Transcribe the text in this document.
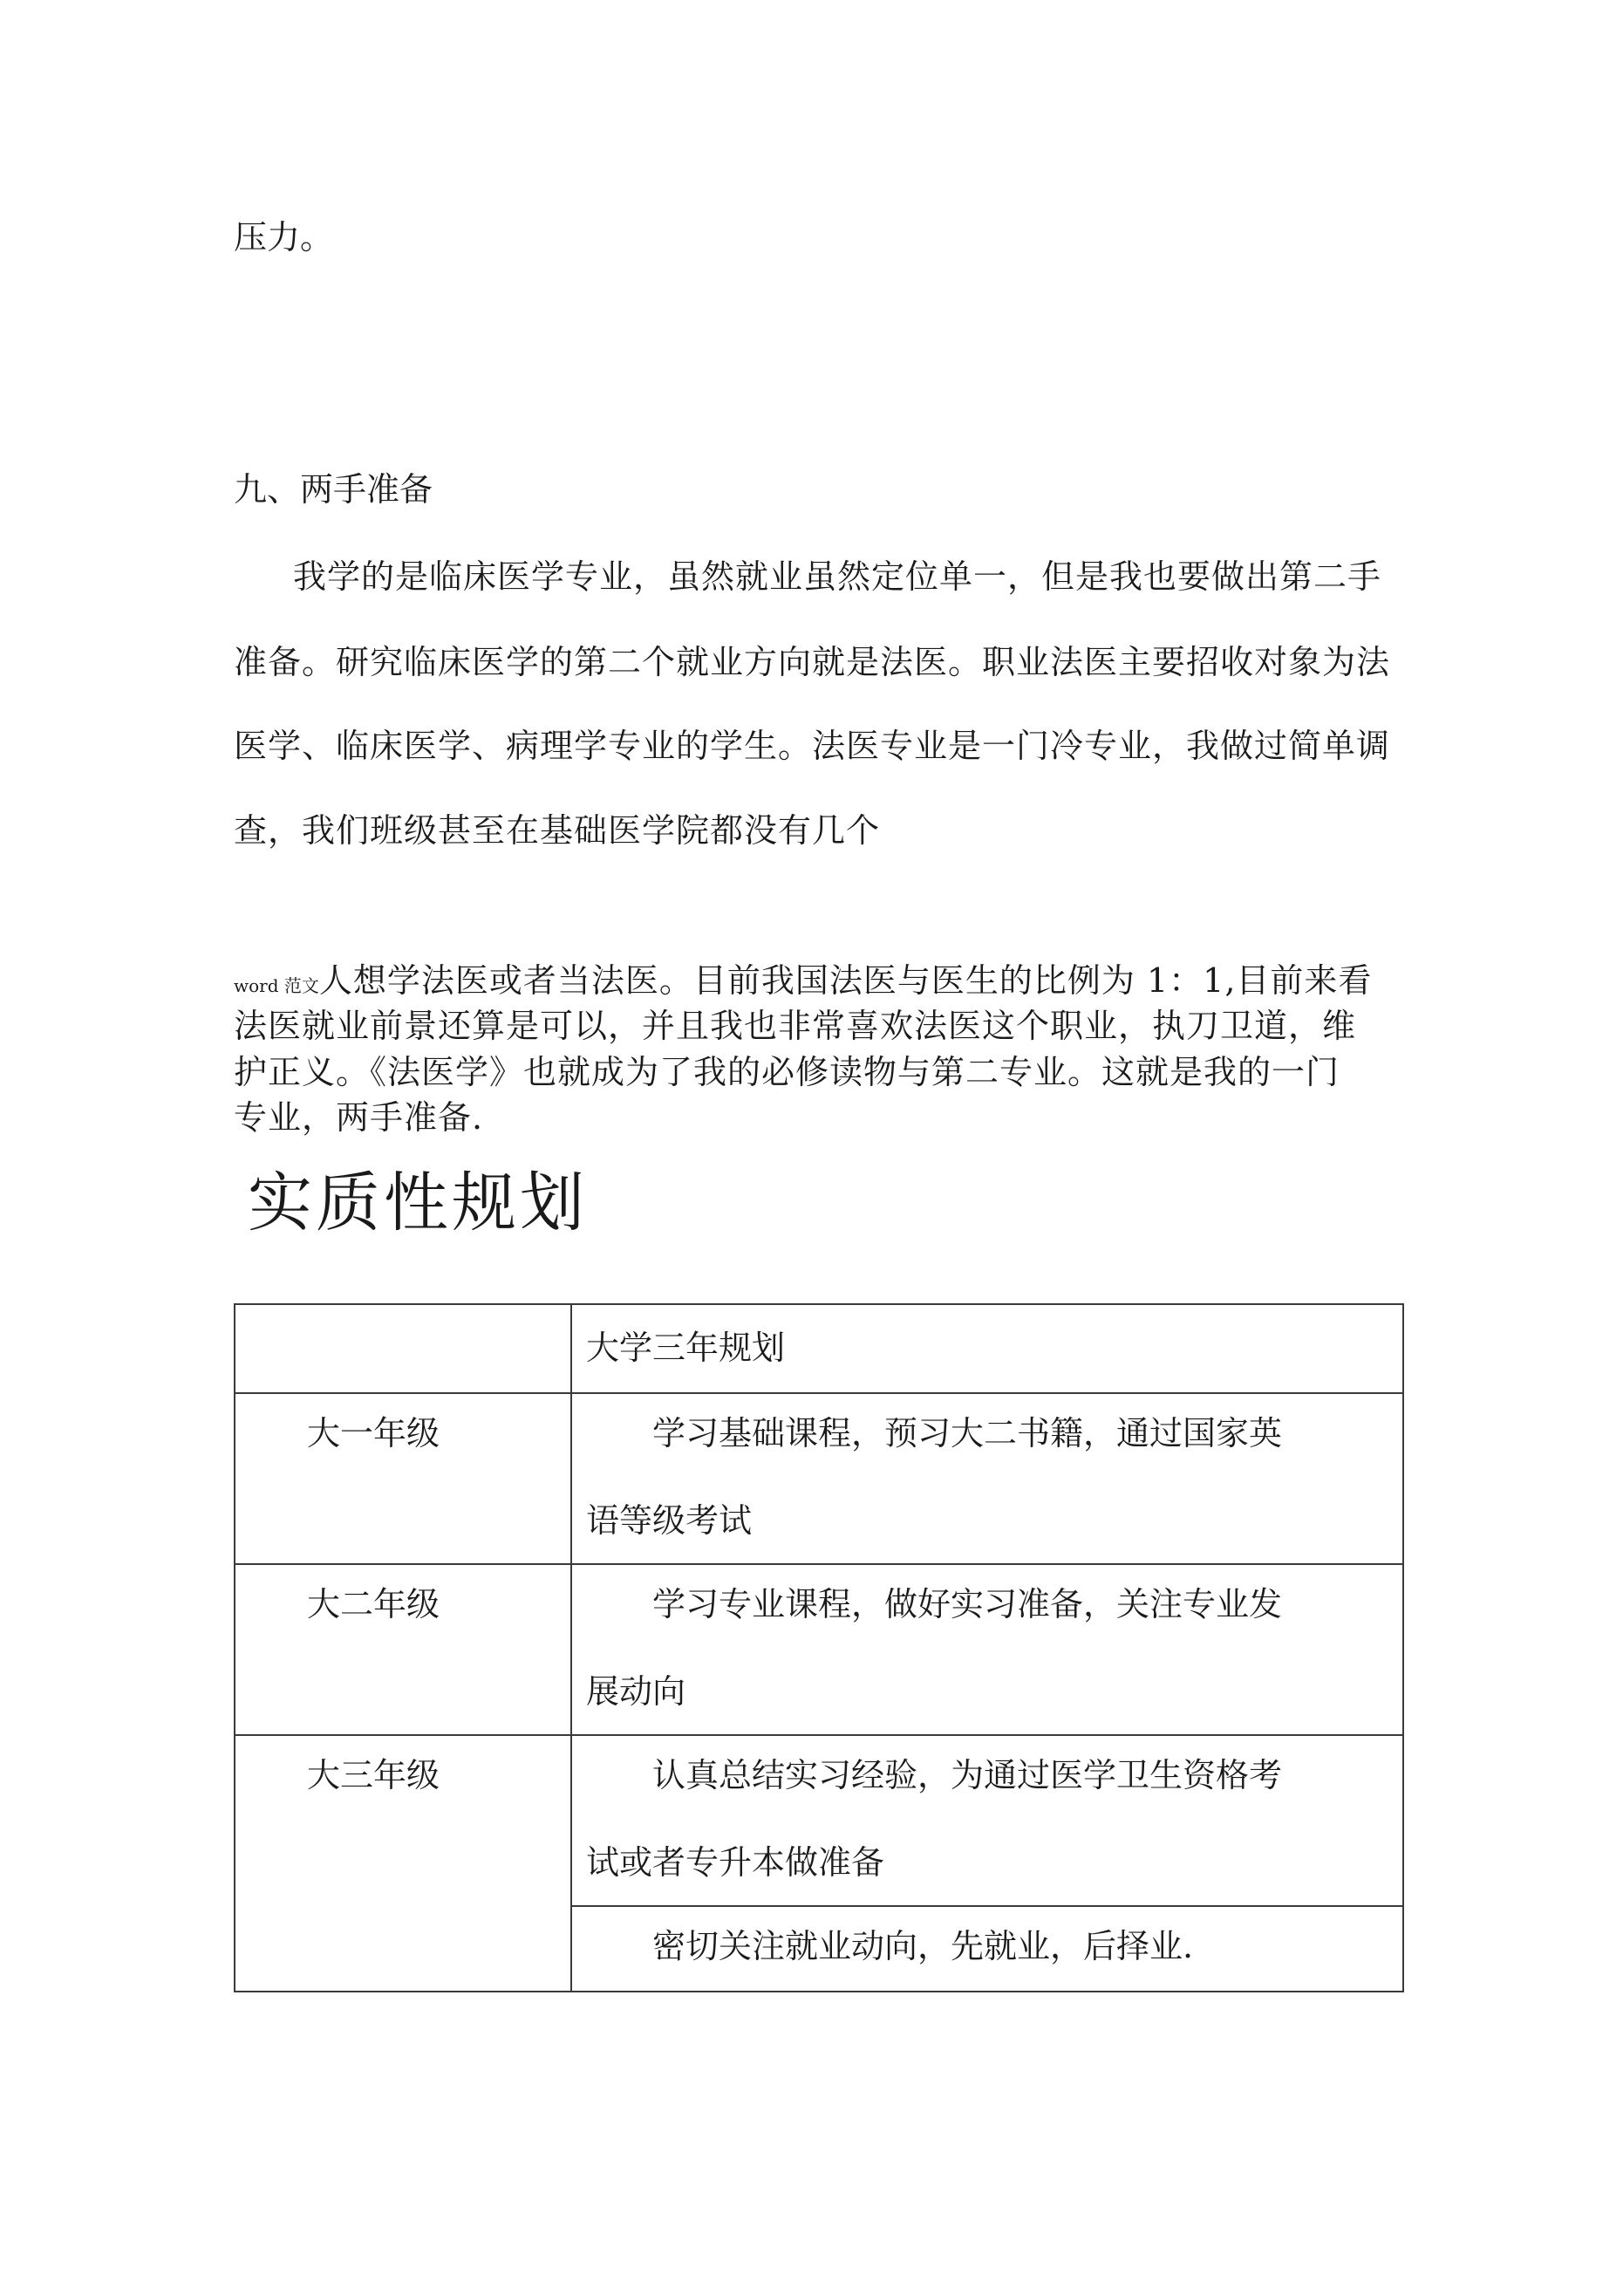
压力。
九、两手准备
我学的是临床医学专业，虽然就业虽然定位单一，但是我也要做出第二手
准备。研究临床医学的第二个就业方向就是法医。职业法医主要招收对象为法
医学、临床医学、病理学专业的学生。法医专业是一门冷专业，我做过简单调
查，我们班级甚至在基础医学院都没有几个
word 范文人想学法医或者当法医。目前我国法医与医生的比例为 1：1,目前来看
法医就业前景还算是可以，并且我也非常喜欢法医这个职业，执刀卫道，维
护正义。《法医学》也就成为了我的必修读物与第二专业。这就是我的一门
专业，两手准备.
实质性规划

	大学三年规划

大一年级	学习基础课程，预习大二书籍，通过国家英
语等级考试

大二年级	学习专业课程，做好实习准备，关注专业发
展动向

大三年级	认真总结实习经验，为通过医学卫生资格考
试或者专升本做准备

	密切关注就业动向，先就业，后择业.
